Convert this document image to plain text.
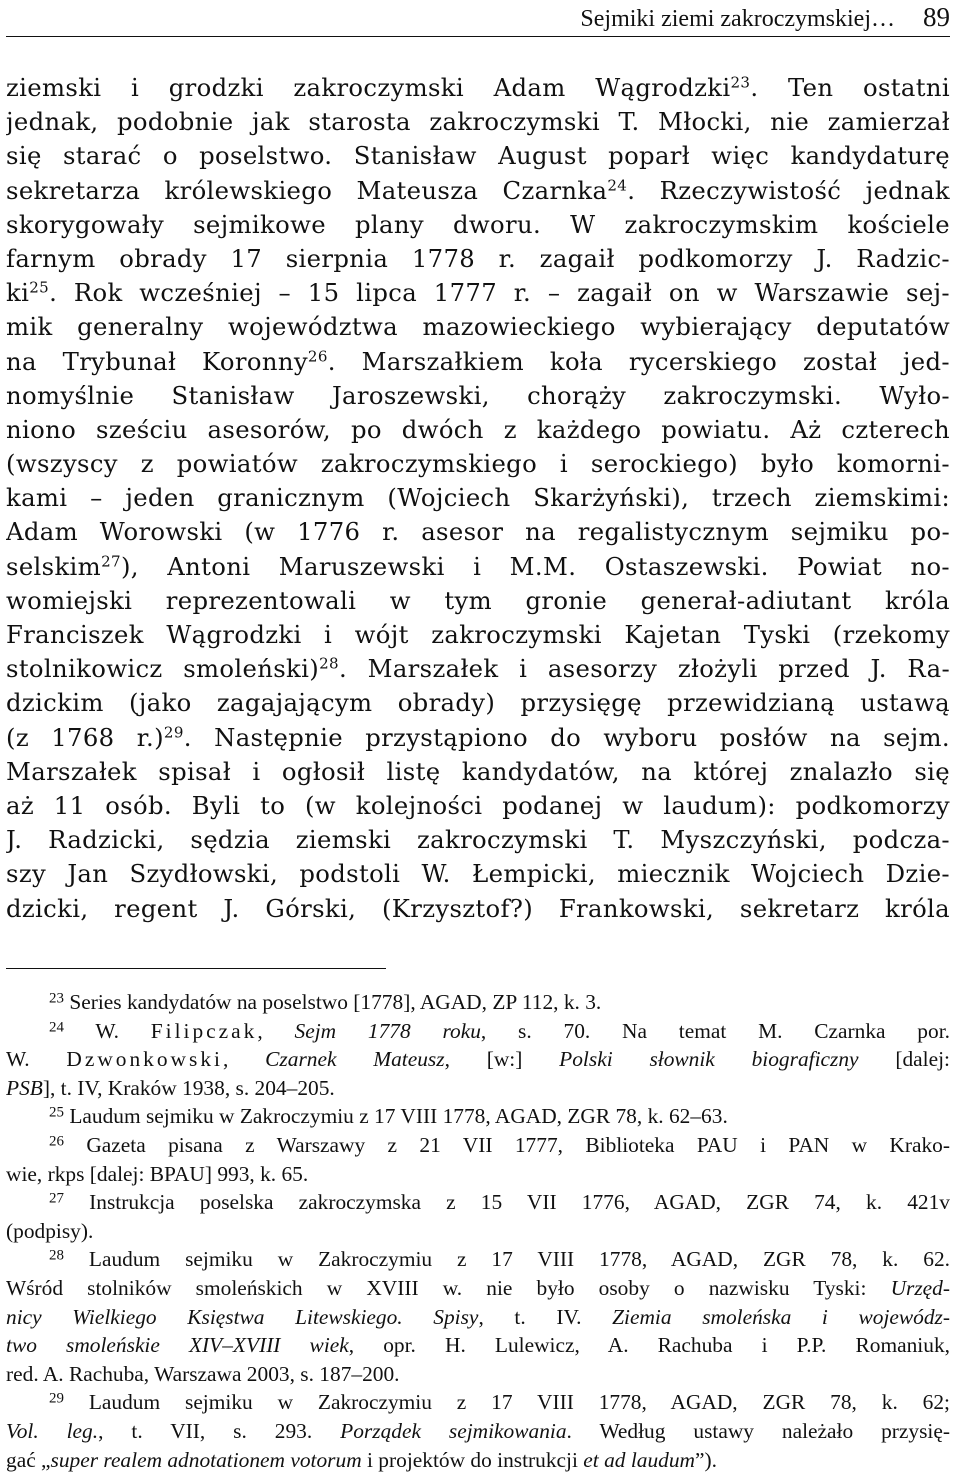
Sejmiki ziemi zakroczymskiej… 89
ziemski i grodzki zakroczymski Adam Wągrodzki$^{23}$. Ten ostatni
jednak, podobnie jak starosta zakroczymski T. Młocki, nie zamierzał
się starać o poselstwo. Stanisław August poparł więc kandydaturę
sekretarza królewskiego Mateusza Czarnka$^{24}$. Rzeczywistość jednak
skorygowały sejmikowe plany dworu. W zakroczymskim kościele
farnym obrady 17 sierpnia 1778 r. zagaił podkomorzy J. Radzic-
$ki^{25}$. Rok wcześniej – 15 lipca 1777 r. – zagaił on w Warszawie sej-
mik generalny województwa mazowieckiego wybierający deputatów
na Trybunał Koronny$^{26}$. Marszałkiem koła rycerskiego został jed-
nomyślnie Stanisław Jaroszewski, chorąży zakroczymski. Wyło-
niono sześciu asesorów, po dwóch z każdego powiatu. Aż czterech
(wszyscy z powiatów zakroczymskiego i serockiego) było komorni-
kami – jeden granicznym (Wojciech Skarżyński), trzech ziemskimi:
Adam Worowski (w 1776 r. asesor na regalistycznym sejmiku po-
selskim$^{27}$), Antoni Maruszewski i M.M. Ostaszewski. Powiat no-
womiejski reprezentowali w tym gronie generał-adiutant króla
Franciszek Wągrodzki i wójt zakroczymski Kajetan Tyski (rzekomy
stolnikowicz smoleński)$^{28}$. Marszałek i asesorzy złożyli przed J. Ra-
dzickim (jako zagajającym obrady) przysięgę przewidzianą ustawą
(z 1768 r.)$^{29}$. Następnie przystąpiono do wyboru posłów na sejm.
Marszałek spisał i ogłosił listę kandydatów, na której znalazło się
aż 11 osób. Byli to (w kolejności podanej w laudum): podkomorzy
J. Radzicki, sędzia ziemski zakroczymski T. Myszczyński, podcza-
szy Jan Szydłowski, podstoli W. Łempicki, miecznik Wojciech Dzie-
dzicki, regent J. Górski, (Krzysztof?) Frankowski, sekretarz króla
$^{23}$ Series kandydatów na poselstwo [1778], AGAD, ZP 112, k. 3.
$^{24}$ W. Filipczak, Sejm 1778 roku, s. 70. Na temat M. Czarnka por.
W. Dzwonkowski, Czarnek Mateusz, [w:] Polski słownik biograficzny [dalej:
PSB], t. IV, Kraków 1938, s. 204–205.
$^{25}$ Laudum sejmiku w Zakroczymiu z 17 VIII 1778, AGAD, ZGR 78, k. 62–63.
$^{26}$ Gazeta pisana z Warszawy z 21 VII 1777, Biblioteka PAU i PAN w Krako-
wie, rkps [dalej: BPAU] 993, k. 65.
$^{27}$ Instrukcja poselska zakroczymska z 15 VII 1776, AGAD, ZGR 74, k. 421v
(podpisy).
$^{28}$ Laudum sejmiku w Zakroczymiu z 17 VIII 1778, AGAD, ZGR 78, k. 62.
Wśród stolników smoleńskich w XVIII w. nie było osoby o nazwisku Tyski: Urzęd-
nicy Wielkiego Księstwa Litewskiego. Spisy, t. IV. Ziemia smoleńska i wojewódz-
two smoleńskie XIV–XVIII wiek, opr. H. Lulewicz, A. Rachuba i P.P. Romaniuk,
red. A. Rachuba, Warszawa 2003, s. 187–200.
$^{29}$ Laudum sejmiku w Zakroczymiu z 17 VIII 1778, AGAD, ZGR 78, k. 62;
Vol. leg., t. VII, s. 293. Porządek sejmikowania. Według ustawy należało przysię-
gać „super realem adnotationem votorum i projektów do instrukcji et ad laudum”).
